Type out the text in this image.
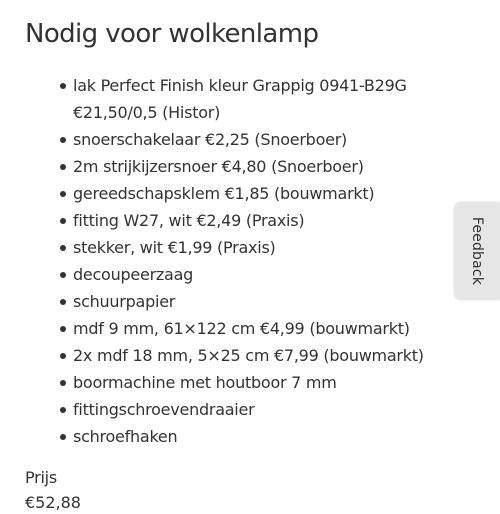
Nodig voor wolkenlamp
lak Perfect Finish kleur Grappig 0941-B29G
€21,50/0,5 (Histor)
snoerschakelaar €2,25 (Snoerboer)
2m strijkijzersnoer €4,80 (Snoerboer)
gereedschapsklem €1,85 (bouwmarkt)
fitting W27, wit €2,49 (Praxis)
stekker, wit €1,99 (Praxis)
decoupeerzaag
schuurpapier
mdf 9 mm, 61×122 cm €4,99 (bouwmarkt)
2x mdf 18 mm, 5×25 cm €7,99 (bouwmarkt)
boormachine met houtboor 7 mm
fittingschroevendraaier
schroefhaken
Prijs
€52,88
Feedback
